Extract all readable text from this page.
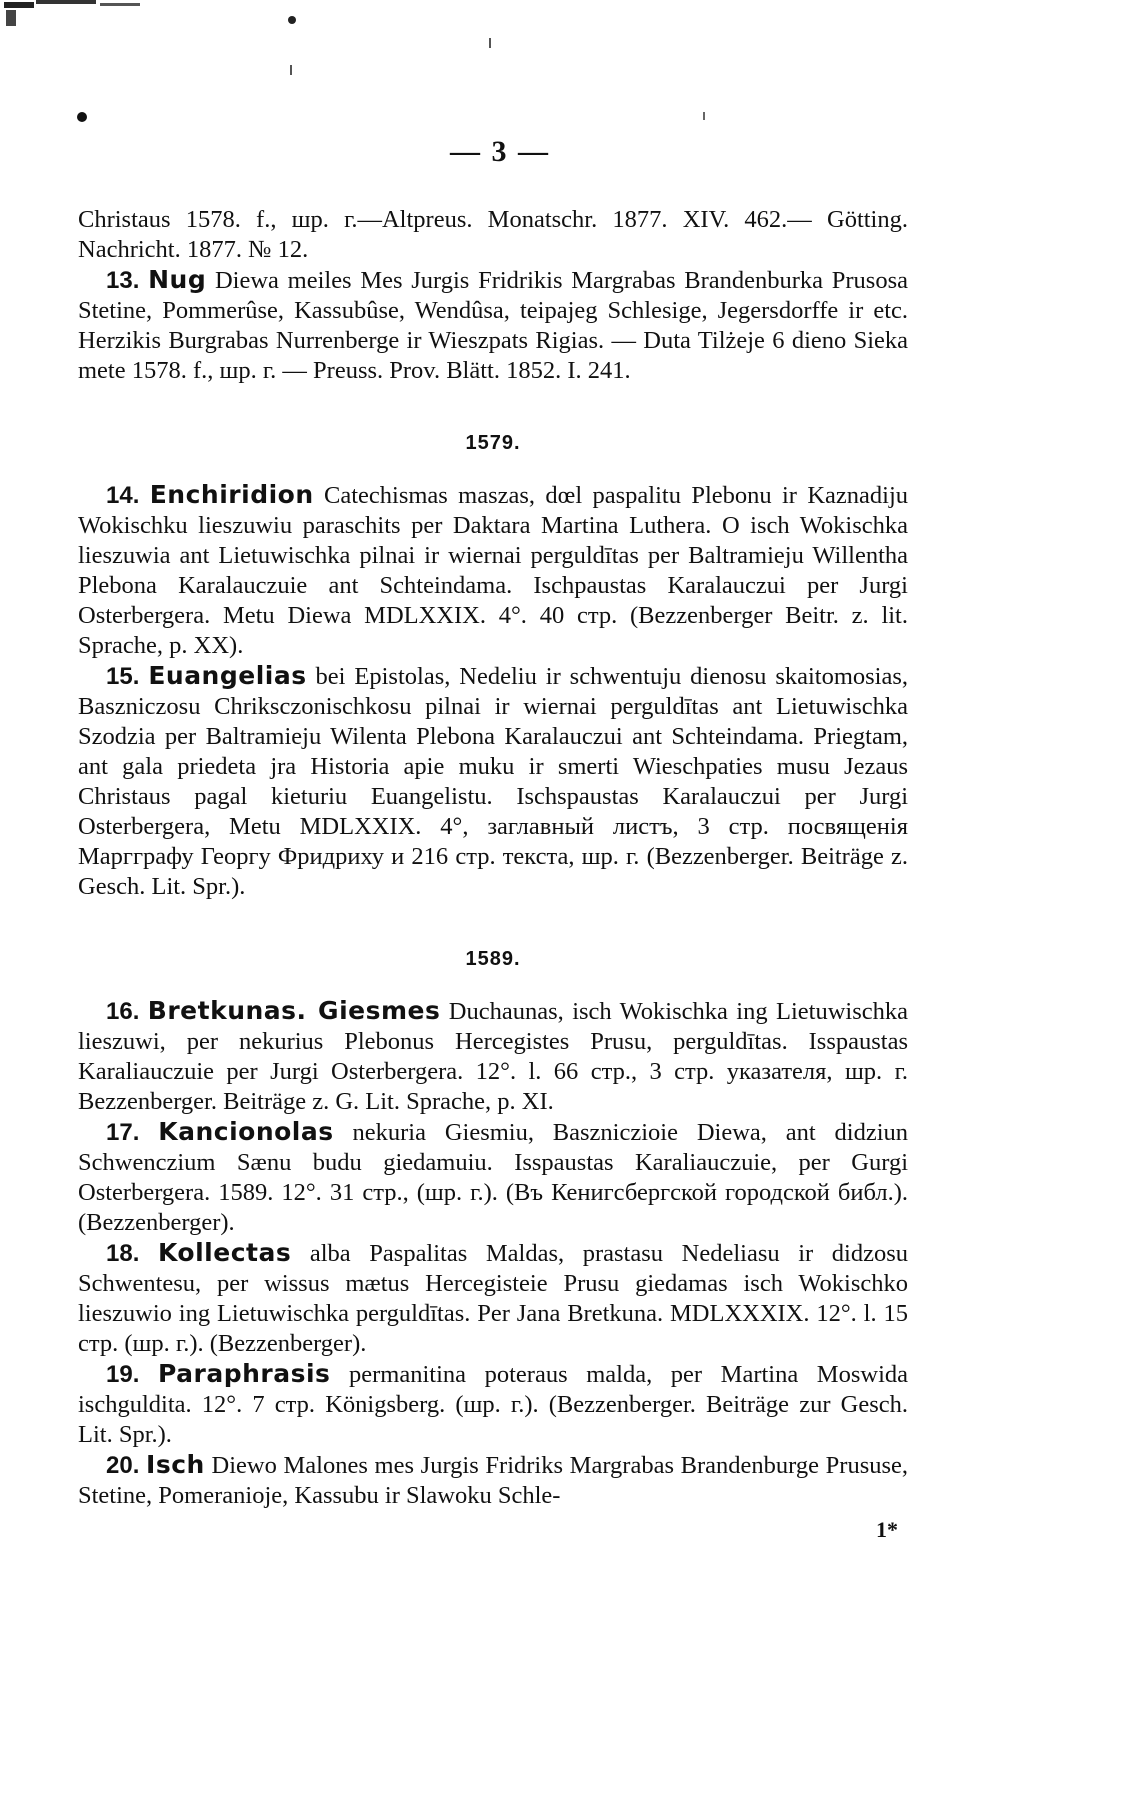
— 3 —

Christaus 1578. f., шр. г.—Altpreus. Monatschr. 1877. XIV. 462.— Götting. Nachricht. 1877. № 12.

13. Nug Diewa meiles Mes Jurgis Fridrikis Margrabas Brandenburka Prusosa Stetine, Pommerûse, Kassubûse, Wendûsa, teipajeg Schlesige, Jegersdorffe ir etc. Herzikis Burgrabas Nurrenberge ir Wieszpats Rigias. — Duta Tilżeje 6 dieno Sieka mete 1578. f., шр. г. — Preuss. Prov. Blätt. 1852. I. 241.

1579.

14. Enchiridion Catechismas maszas, dœl paspalitu Plebonu ir Kaznadiju Wokischku lieszuwiu paraschits per Daktara Martina Luthera. O isch Wokischka lieszuwia ant Lietuwischka pilnai ir wiernai perguldītas per Baltramieju Willentha Plebona Karalauczuie ant Schteindama. Ischpaustas Karalauczui per Jurgi Osterbergera. Metu Diewa MDLXXIX. 4°. 40 стр. (Bezzenberger Beitr. z. lit. Sprache, p. XX).

15. Euangelias bei Epistolas, Nedeliu ir schwentuju dienosu skaitomosias, Baszniczosu Chriksczonischkosu pilnai ir wiernai perguldītas ant Lietuwischka Szodzia per Baltramieju Wilenta Plebona Karalauczui ant Schteindama. Priegtam, ant gala priedeta jra Historia apie muku ir smerti Wieschpaties musu Jezaus Christaus pagal kieturiu Euangelistu. Ischspaustas Karalauczui per Jurgi Osterbergera, Metu MDLXXIX. 4°, заглавный листъ, 3 стр. посвященія Маргграфу Георгу Фридриху и 216 стр. текста, шр. г. (Bezzenberger. Beiträge z. Gesch. Lit. Spr.).

1589.

16. Bretkunas. Giesmes Duchaunas, isch Wokischka ing Lietuwischka lieszuwi, per nekurius Plebonus Hercegistes Prusu, perguldītas. Isspaustas Karaliauczuie per Jurgi Osterbergera. 12°. l. 66 стр., 3 стр. указателя, шр. г. Bezzenberger. Beiträge z. G. Lit. Sprache, p. XI.

17. Kancionolas nekuria Giesmiu, Baszniczioie Diewa, ant didziun Schwenczium Sænu budu giedamuiu. Isspaustas Karaliauczuie, per Gurgi Osterbergera. 1589. 12°. 31 стр., (шр. г.). (Въ Кенигсбергской городской библ.). (Bezzenberger).

18. Kollectas alba Paspalitas Maldas, prastasu Nedeliasu ir didzosu Schwentesu, per wissus mætus Hercegisteie Prusu giedamas isch Wokischko lieszuwio ing Lietuwischka perguldītas. Per Jana Bretkuna. MDLXXXIX. 12°. l. 15 стр. (шр. г.). (Bezzenberger).

19. Paraphrasis permanitina poteraus malda, per Martina Moswida ischguldita. 12°. 7 стр. Königsberg. (шр. г.). (Bezzenberger. Beiträge zur Gesch. Lit. Spr.).

20. Isch Diewo Malones mes Jurgis Fridriks Margrabas Brandenburge Prususe, Stetine, Pomeranioje, Kassubu ir Slawoku Schle-

1*
